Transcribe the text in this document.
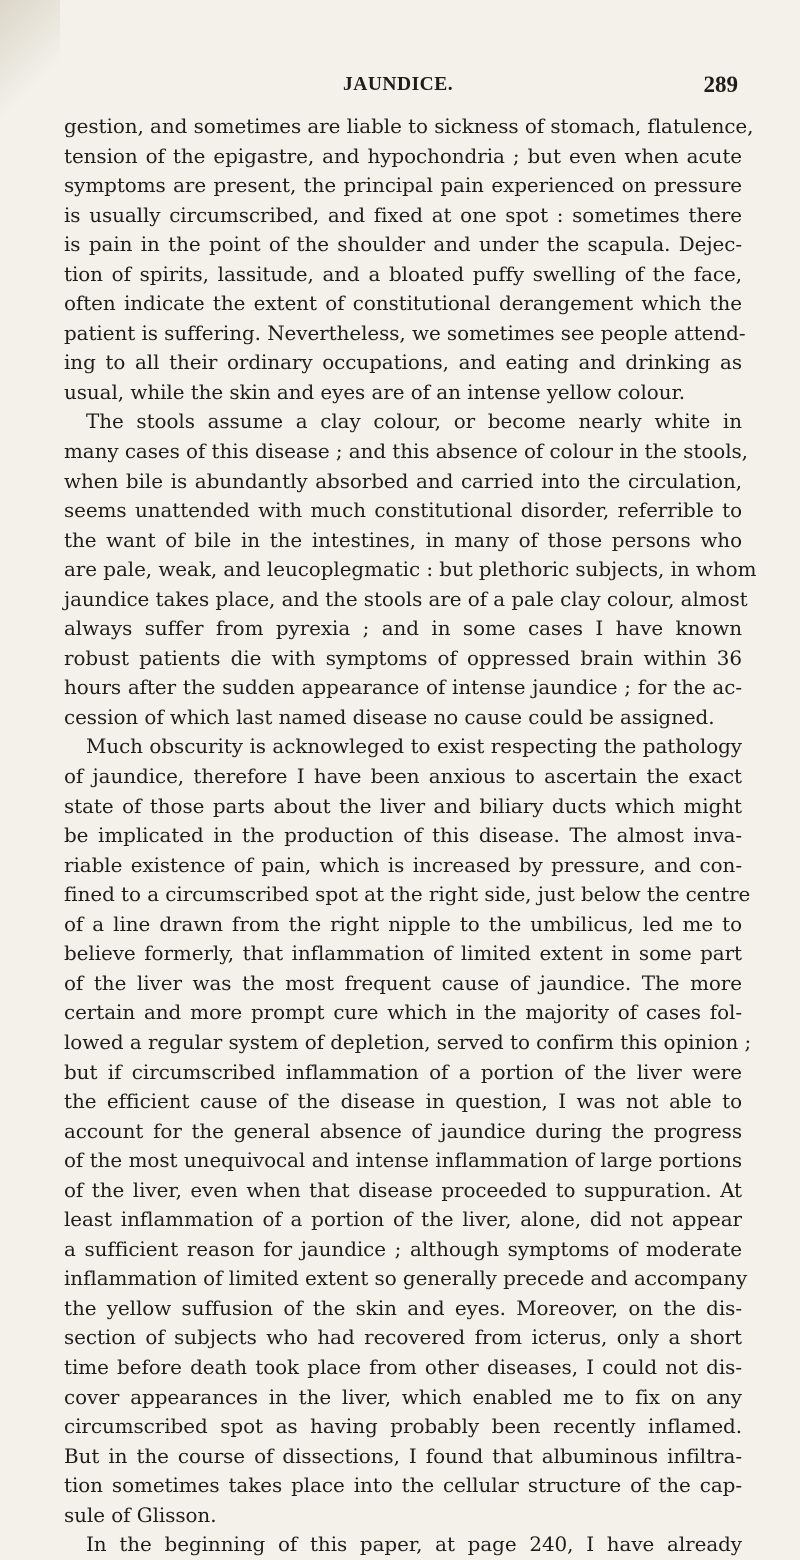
JAUNDICE.	289
gestion, and sometimes are liable to sickness of stomach, flatulence,
tension of the epigastre, and hypochondria ; but even when acute
symptoms are present, the principal pain experienced on pressure
is usually circumscribed, and fixed at one spot : sometimes there
is pain in the point of the shoulder and under the scapula. Dejec-
tion of spirits, lassitude, and a bloated puffy swelling of the face,
often indicate the extent of constitutional derangement which the
patient is suffering. Nevertheless, we sometimes see people attend-
ing to all their ordinary occupations, and eating and drinking as
usual, while the skin and eyes are of an intense yellow colour.
The stools assume a clay colour, or become nearly white in
many cases of this disease ; and this absence of colour in the stools,
when bile is abundantly absorbed and carried into the circulation,
seems unattended with much constitutional disorder, referrible to
the want of bile in the intestines, in many of those persons who
are pale, weak, and leucoplegmatic : but plethoric subjects, in whom
jaundice takes place, and the stools are of a pale clay colour, almost
always suffer from pyrexia ; and in some cases I have known
robust patients die with symptoms of oppressed brain within 36
hours after the sudden appearance of intense jaundice ; for the ac-
cession of which last named disease no cause could be assigned.
Much obscurity is acknowleged to exist respecting the pathology
of jaundice, therefore I have been anxious to ascertain the exact
state of those parts about the liver and biliary ducts which might
be implicated in the production of this disease. The almost inva-
riable existence of pain, which is increased by pressure, and con-
fined to a circumscribed spot at the right side, just below the centre
of a line drawn from the right nipple to the umbilicus, led me to
believe formerly, that inflammation of limited extent in some part
of the liver was the most frequent cause of jaundice. The more
certain and more prompt cure which in the majority of cases fol-
lowed a regular system of depletion, served to confirm this opinion ;
but if circumscribed inflammation of a portion of the liver were
the efficient cause of the disease in question, I was not able to
account for the general absence of jaundice during the progress
of the most unequivocal and intense inflammation of large portions
of the liver, even when that disease proceeded to suppuration. At
least inflammation of a portion of the liver, alone, did not appear
a sufficient reason for jaundice ; although symptoms of moderate
inflammation of limited extent so generally precede and accompany
the yellow suffusion of the skin and eyes. Moreover, on the dis-
section of subjects who had recovered from icterus, only a short
time before death took place from other diseases, I could not dis-
cover appearances in the liver, which enabled me to fix on any
circumscribed spot as having probably been recently inflamed.
But in the course of dissections, I found that albuminous infiltra-
tion sometimes takes place into the cellular structure of the cap-
sule of Glisson.
In the beginning of this paper, at page 240, I have already
